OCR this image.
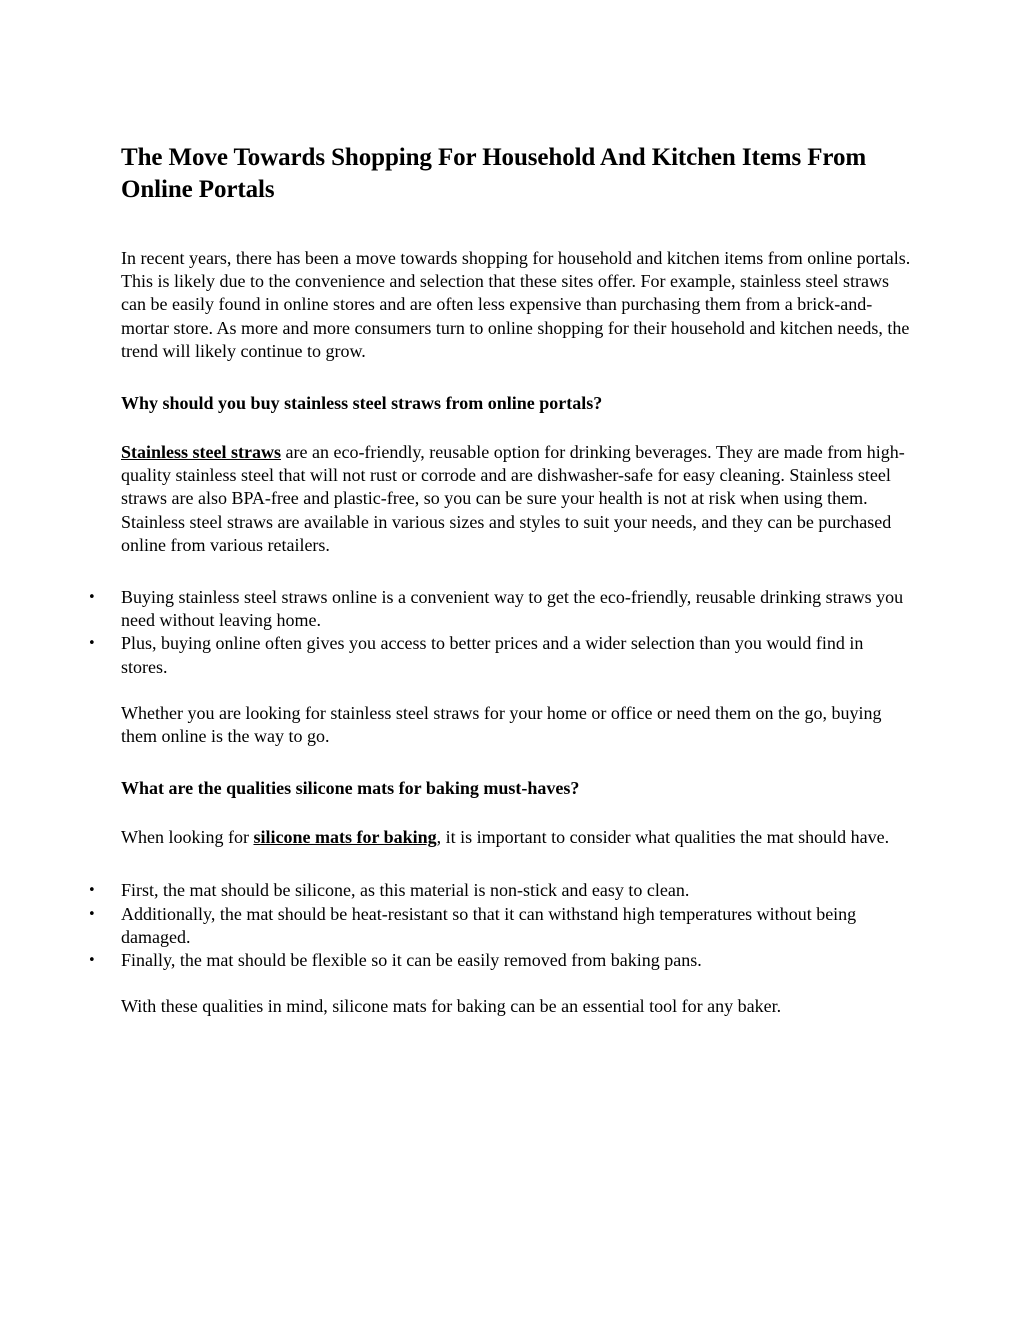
The Move Towards Shopping For Household And Kitchen Items From Online Portals

In recent years, there has been a move towards shopping for household and kitchen items from online portals. This is likely due to the convenience and selection that these sites offer. For example, stainless steel straws can be easily found in online stores and are often less expensive than purchasing them from a brick-and-mortar store. As more and more consumers turn to online shopping for their household and kitchen needs, the trend will likely continue to grow.

Why should you buy stainless steel straws from online portals?

Stainless steel straws are an eco-friendly, reusable option for drinking beverages. They are made from high-quality stainless steel that will not rust or corrode and are dishwasher-safe for easy cleaning. Stainless steel straws are also BPA-free and plastic-free, so you can be sure your health is not at risk when using them. Stainless steel straws are available in various sizes and styles to suit your needs, and they can be purchased online from various retailers.

• Buying stainless steel straws online is a convenient way to get the eco-friendly, reusable drinking straws you need without leaving home.
• Plus, buying online often gives you access to better prices and a wider selection than you would find in stores.

Whether you are looking for stainless steel straws for your home or office or need them on the go, buying them online is the way to go.

What are the qualities silicone mats for baking must-haves?

When looking for silicone mats for baking, it is important to consider what qualities the mat should have.

• First, the mat should be silicone, as this material is non-stick and easy to clean.
• Additionally, the mat should be heat-resistant so that it can withstand high temperatures without being damaged.
• Finally, the mat should be flexible so it can be easily removed from baking pans.

With these qualities in mind, silicone mats for baking can be an essential tool for any baker.
